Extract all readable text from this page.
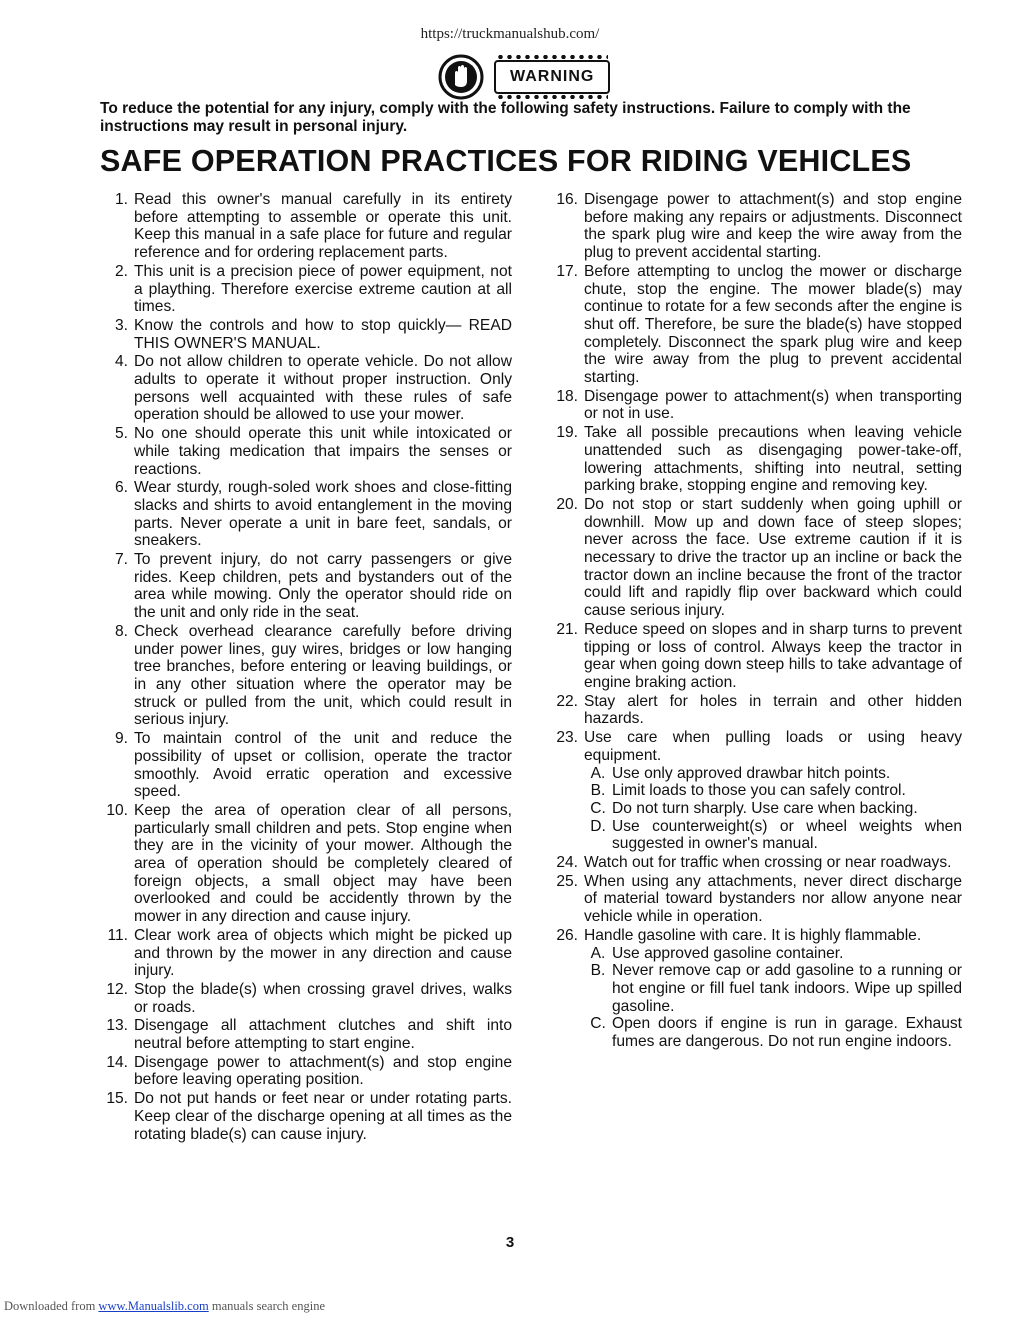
https://truckmanualshub.com/
WARNING
To reduce the potential for any injury, comply with the following safety instructions. Failure to comply with the instructions may result in personal injury.
SAFE OPERATION PRACTICES FOR RIDING VEHICLES
1. Read this owner's manual carefully in its entirety before attempting to assemble or operate this unit. Keep this manual in a safe place for future and regular reference and for ordering replacement parts.
2. This unit is a precision piece of power equipment, not a plaything. Therefore exercise extreme caution at all times.
3. Know the controls and how to stop quickly— READ THIS OWNER'S MANUAL.
4. Do not allow children to operate vehicle. Do not allow adults to operate it without proper instruction. Only persons well acquainted with these rules of safe operation should be allowed to use your mower.
5. No one should operate this unit while intoxicated or while taking medication that impairs the senses or reactions.
6. Wear sturdy, rough-soled work shoes and close-fitting slacks and shirts to avoid entanglement in the moving parts. Never operate a unit in bare feet, sandals, or sneakers.
7. To prevent injury, do not carry passengers or give rides. Keep children, pets and bystanders out of the area while mowing. Only the operator should ride on the unit and only ride in the seat.
8. Check overhead clearance carefully before driving under power lines, guy wires, bridges or low hanging tree branches, before entering or leaving buildings, or in any other situation where the operator may be struck or pulled from the unit, which could result in serious injury.
9. To maintain control of the unit and reduce the possibility of upset or collision, operate the tractor smoothly. Avoid erratic operation and excessive speed.
10. Keep the area of operation clear of all persons, particularly small children and pets. Stop engine when they are in the vicinity of your mower. Although the area of operation should be completely cleared of foreign objects, a small object may have been overlooked and could be accidently thrown by the mower in any direction and cause injury.
11. Clear work area of objects which might be picked up and thrown by the mower in any direction and cause injury.
12. Stop the blade(s) when crossing gravel drives, walks or roads.
13. Disengage all attachment clutches and shift into neutral before attempting to start engine.
14. Disengage power to attachment(s) and stop engine before leaving operating position.
15. Do not put hands or feet near or under rotating parts. Keep clear of the discharge opening at all times as the rotating blade(s) can cause injury.
16. Disengage power to attachment(s) and stop engine before making any repairs or adjustments. Disconnect the spark plug wire and keep the wire away from the plug to prevent accidental starting.
17. Before attempting to unclog the mower or discharge chute, stop the engine. The mower blade(s) may continue to rotate for a few seconds after the engine is shut off. Therefore, be sure the blade(s) have stopped completely. Disconnect the spark plug wire and keep the wire away from the plug to prevent accidental starting.
18. Disengage power to attachment(s) when transporting or not in use.
19. Take all possible precautions when leaving vehicle unattended such as disengaging power-take-off, lowering attachments, shifting into neutral, setting parking brake, stopping engine and removing key.
20. Do not stop or start suddenly when going uphill or downhill. Mow up and down face of steep slopes; never across the face. Use extreme caution if it is necessary to drive the tractor up an incline or back the tractor down an incline because the front of the tractor could lift and rapidly flip over backward which could cause serious injury.
21. Reduce speed on slopes and in sharp turns to prevent tipping or loss of control. Always keep the tractor in gear when going down steep hills to take advantage of engine braking action.
22. Stay alert for holes in terrain and other hidden hazards.
23. Use care when pulling loads or using heavy equipment.
A. Use only approved drawbar hitch points.
B. Limit loads to those you can safely control.
C. Do not turn sharply. Use care when backing.
D. Use counterweight(s) or wheel weights when suggested in owner's manual.
24. Watch out for traffic when crossing or near roadways.
25. When using any attachments, never direct discharge of material toward bystanders nor allow anyone near vehicle while in operation.
26. Handle gasoline with care. It is highly flammable.
A. Use approved gasoline container.
B. Never remove cap or add gasoline to a running or hot engine or fill fuel tank indoors. Wipe up spilled gasoline.
C. Open doors if engine is run in garage. Exhaust fumes are dangerous. Do not run engine indoors.
3
Downloaded from www.Manualslib.com manuals search engine
